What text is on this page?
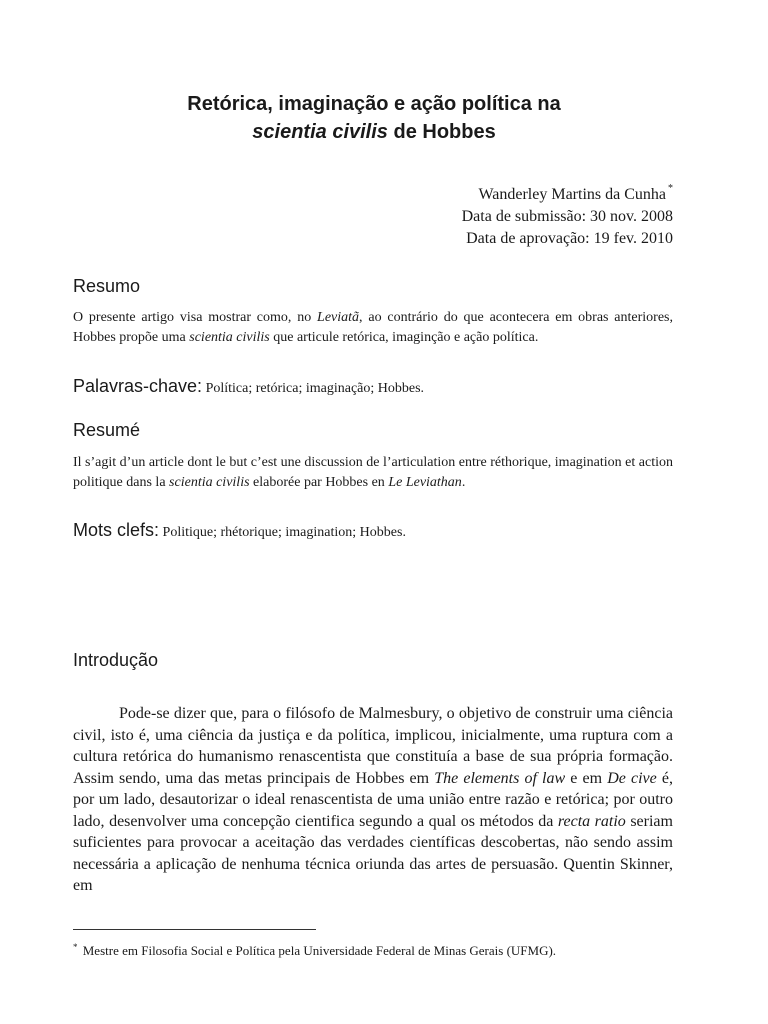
Retórica, imaginação e ação política na
scientia civilis de Hobbes
Wanderley Martins da Cunha *
Data de submissão: 30 nov. 2008
Data de aprovação: 19 fev. 2010
Resumo
O presente artigo visa mostrar como, no Leviatã, ao contrário do que acontecera em obras anteriores, Hobbes propõe uma scientia civilis que articule retórica, imaginção e ação política.
Palavras-chave: Política; retórica; imaginação; Hobbes.
Resumé
Il s’agit d’un article dont le but c’est une discussion de l’articulation entre réthorique, imagination et action politique dans la scientia civilis elaborée par Hobbes en Le Leviathan.
Mots clefs: Politique; rhétorique; imagination; Hobbes.
Introdução

Pode-se dizer que, para o filósofo de Malmesbury, o objetivo de construir uma ciência civil, isto é, uma ciência da justiça e da política, implicou, inicialmente, uma ruptura com a cultura retórica do humanismo renascentista que constituía a base de sua própria formação. Assim sendo, uma das metas principais de Hobbes em The elements of law e em De cive é, por um lado, desautorizar o ideal renascentista de uma união entre razão e retórica; por outro lado, desenvolver uma concepção cientifica segundo a qual os métodos da recta ratio seriam suficientes para provocar a aceitação das verdades científicas descobertas, não sendo assim necessária a aplicação de nenhuma técnica oriunda das artes de persuasão. Quentin Skinner, em

* Mestre em Filosofia Social e Política pela Universidade Federal de Minas Gerais (UFMG).
